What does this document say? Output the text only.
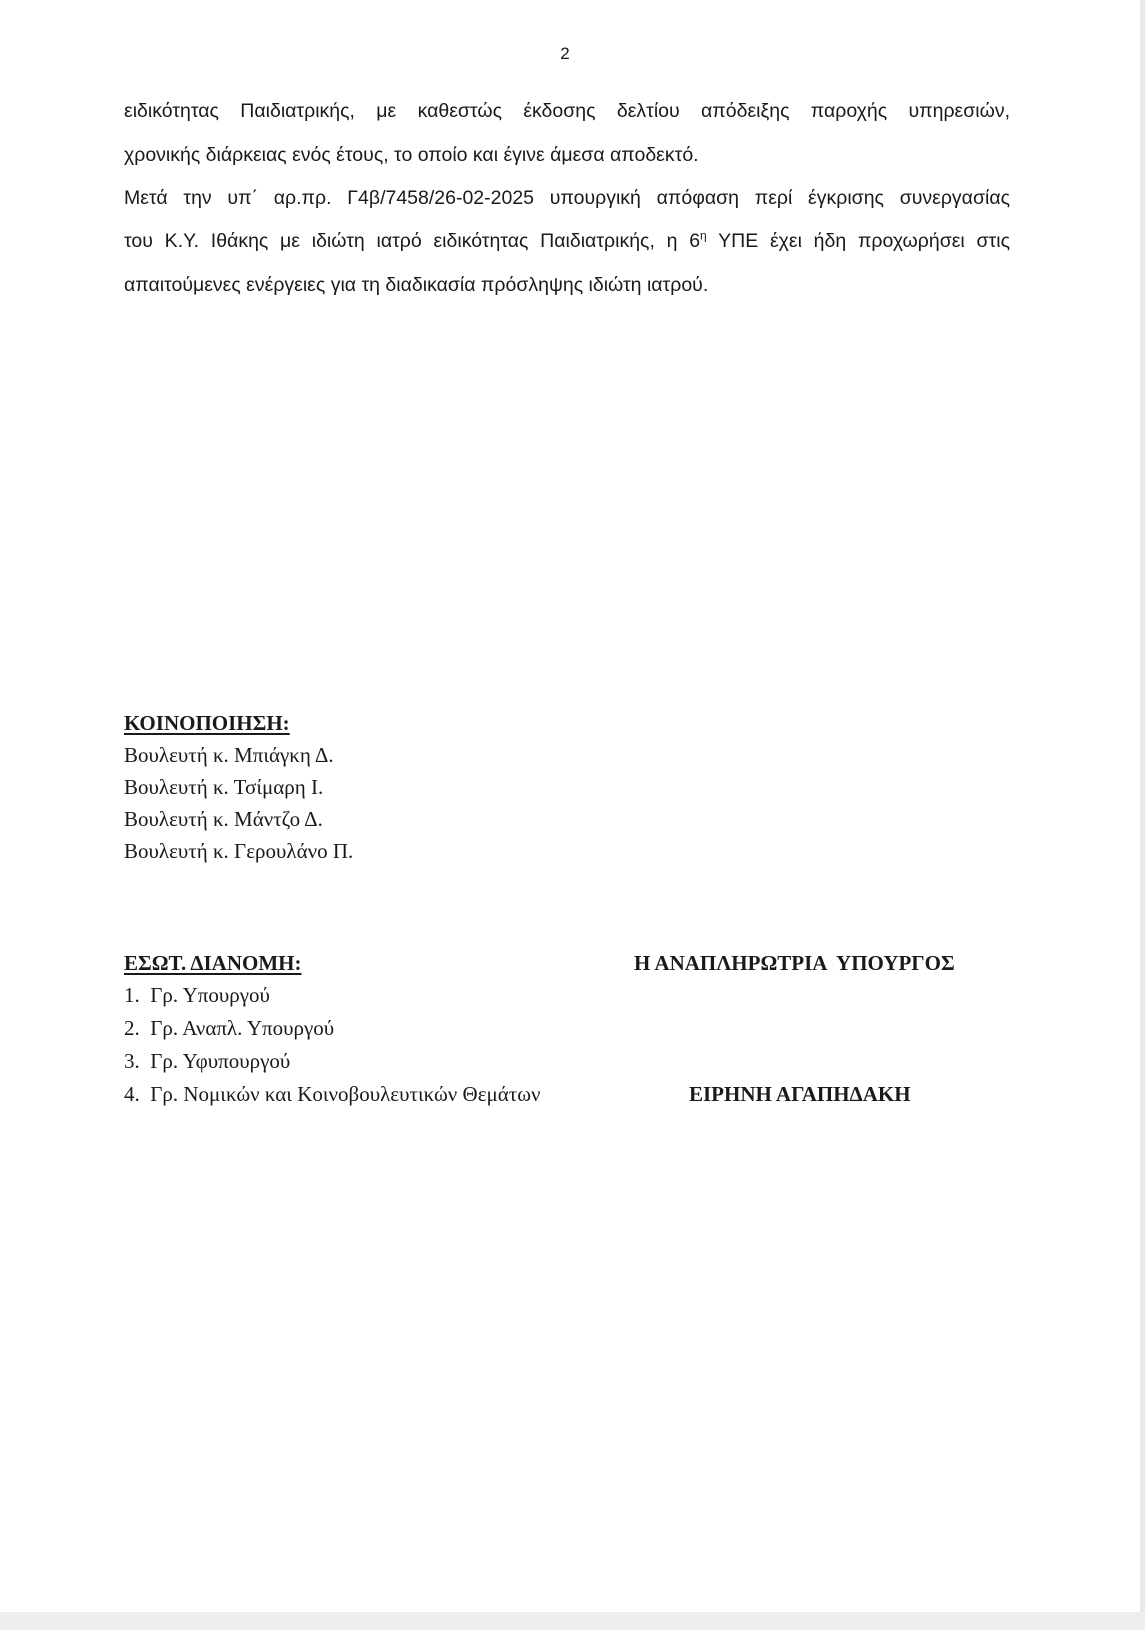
2
ειδικότητας Παιδιατρικής, με καθεστώς έκδοσης δελτίου απόδειξης παροχής υπηρεσιών,
χρονικής διάρκειας ενός έτους, το οποίο και έγινε άμεσα αποδεκτό.
Μετά την υπ΄ αρ.πρ. Γ4β/7458/26-02-2025 υπουργική απόφαση περί έγκρισης συνεργασίας
του Κ.Υ. Ιθάκης με ιδιώτη ιατρό ειδικότητας Παιδιατρικής, η $6^\eta$ ΥΠΕ έχει ήδη προχωρήσει στις
απαιτούμενες ενέργειες για τη διαδικασία πρόσληψης ιδιώτη ιατρού.
ΚΟΙΝΟΠΟΙΗΣΗ:
Βουλευτή κ. Μπιάγκη Δ.
Βουλευτή κ. Τσίμαρη Ι.
Βουλευτή κ. Μάντζο Δ.
Βουλευτή κ. Γερουλάνο Π.
ΕΣΩΤ. ΔΙΑΝΟΜΗ:
1.  Γρ. Υπουργού
2.  Γρ. Αναπλ. Υπουργού
3.  Γρ. Υφυπουργού
4.  Γρ. Νομικών και Κοινοβουλευτικών Θεμάτων
Η ΑΝΑΠΛΗΡΩΤΡΙΑ  ΥΠΟΥΡΓΟΣ
ΕΙΡΗΝΗ ΑΓΑΠΗΔΑΚΗ
